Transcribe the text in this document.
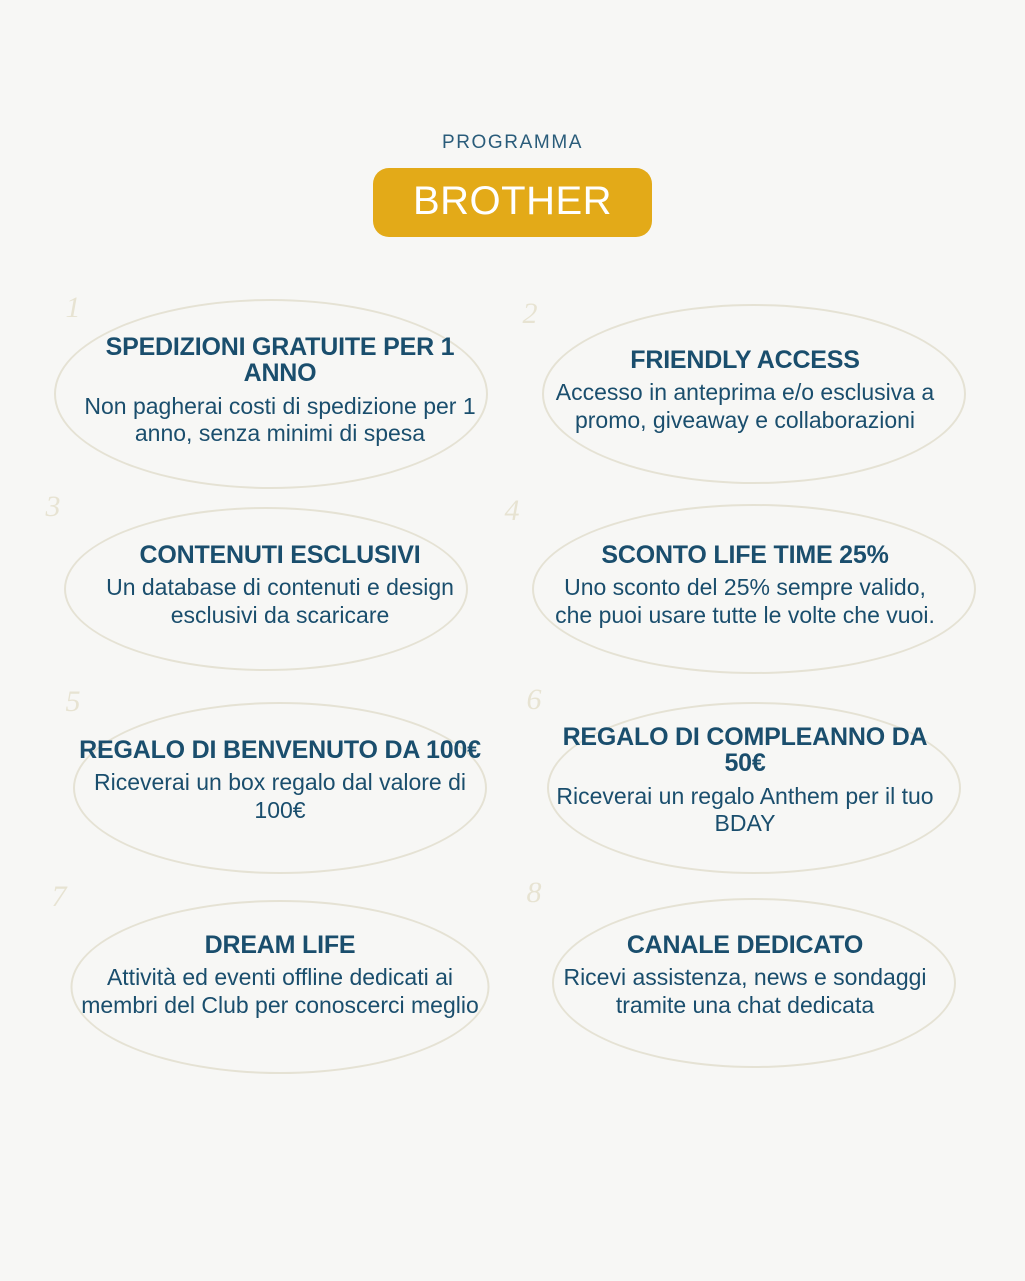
PROGRAMMA
BROTHER
1
SPEDIZIONI GRATUITE PER 1 ANNO
Non pagherai costi di spedizione per 1 anno, senza minimi di spesa
2
FRIENDLY ACCESS
Accesso in anteprima e/o esclusiva a promo, giveaway e collaborazioni
3
CONTENUTI ESCLUSIVI
Un database di contenuti e design esclusivi da scaricare
4
SCONTO LIFE TIME 25%
Uno sconto del 25% sempre valido, che puoi usare tutte le volte che vuoi.
5
REGALO DI BENVENUTO DA 100€
Riceverai un box regalo dal valore di 100€
6
REGALO DI COMPLEANNO DA 50€
Riceverai un regalo Anthem per il tuo BDAY
7
DREAM LIFE
Attività ed eventi offline dedicati ai membri del Club per conoscerci meglio
8
CANALE DEDICATO
Ricevi assistenza, news e sondaggi tramite una chat dedicata
